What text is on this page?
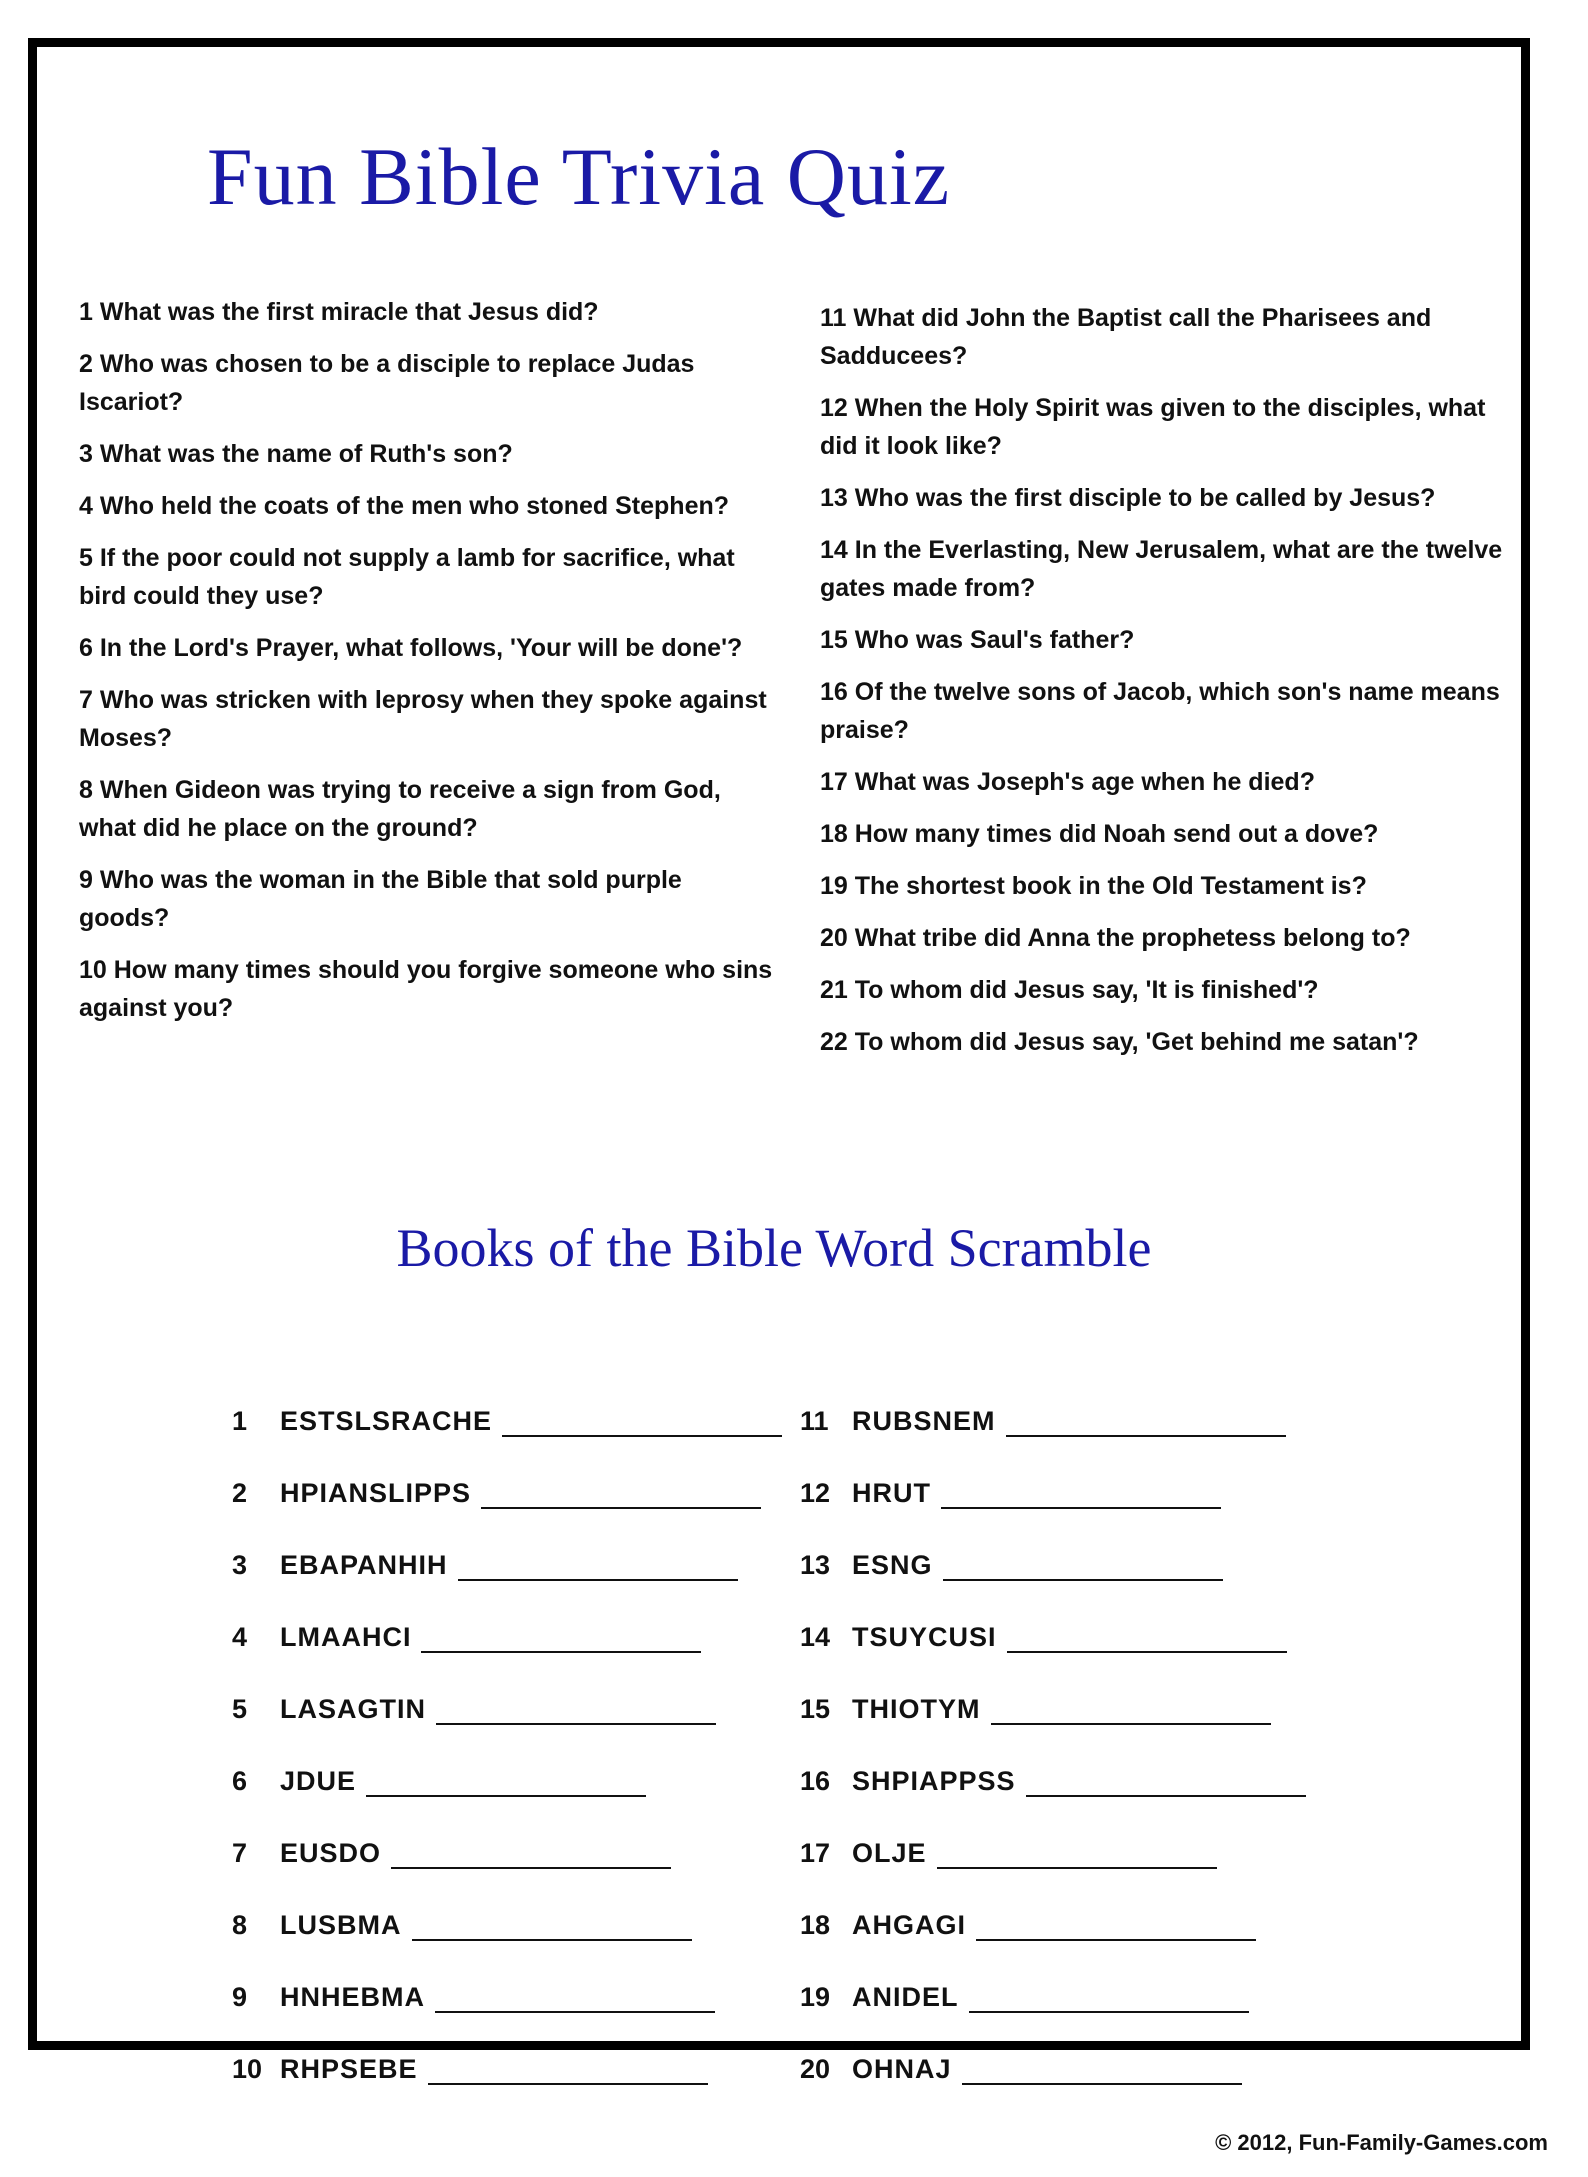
Fun Bible Trivia Quiz

1 What was the first miracle that Jesus did?

2 Who was chosen to be a disciple to replace Judas Iscariot?

3 What was the name of Ruth's son?

4 Who held the coats of the men who stoned Stephen?

5 If the poor could not supply a lamb for sacrifice, what bird could they use?

6 In the Lord's Prayer, what follows, 'Your will be done'?

7 Who was stricken with leprosy when they spoke against Moses?

8 When Gideon was trying to receive a sign from God, what did he place on the ground?

9 Who was the woman in the Bible that sold purple goods?

10 How many times should you forgive someone who sins against you?

11 What did John the Baptist call the Pharisees and Sadducees?

12 When the Holy Spirit was given to the disciples, what did it look like?

13 Who was the first disciple to be called by Jesus?

14 In the Everlasting, New Jerusalem, what are the twelve gates made from?

15 Who was Saul's father?

16 Of the twelve sons of Jacob, which son's name means praise?

17 What was Joseph's age when he died?

18 How many times did Noah send out a dove?

19 The shortest book in the Old Testament is?

20 What tribe did Anna the prophetess belong to?

21 To whom did Jesus say, 'It is finished'?

22 To whom did Jesus say, 'Get behind me satan'?

Books of the Bible Word Scramble
1	ESTSLSRACHE
2	HPIANSLIPPS
3	EBAPANHIH
4	LMAAHCI
5	LASAGTIN
6	JDUE
7	EUSDO
8	LUSBMA
9	HNHEBMA
10 RHPSEBE
11 RUBSNEM
12 HRUT
13 ESNG
14 TSUYCUSI
15 THIOTYM
16 SHPIAPPSS
17 OLJE
18 AHGAGI
19 ANIDEL
20 OHNAJ

© 2012, Fun-Family-Games.com
